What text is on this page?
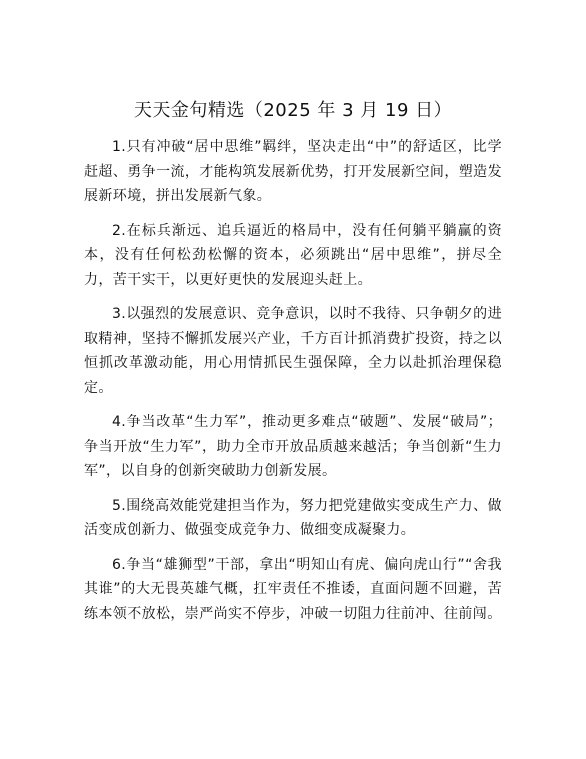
天天金句精选（2025 年 3 月 19 日）

1.只有冲破“居中思维”羁绊，坚决走出“中”的舒适区，比学赶超、勇争一流，才能构筑发展新优势，打开发展新空间，塑造发展新环境，拼出发展新气象。

2.在标兵渐远、追兵逼近的格局中，没有任何躺平躺赢的资本，没有任何松劲松懈的资本，必须跳出“居中思维”，拼尽全力，苦干实干，以更好更快的发展迎头赶上。

3.以强烈的发展意识、竞争意识，以时不我待、只争朝夕的进取精神，坚持不懈抓发展兴产业，千方百计抓消费扩投资，持之以恒抓改革激动能，用心用情抓民生强保障，全力以赴抓治理保稳定。

4.争当改革“生力军”，推动更多难点“破题”、发展“破局”；争当开放“生力军”，助力全市开放品质越来越活；争当创新“生力军”，以自身的创新突破助力创新发展。

5.围绕高效能党建担当作为，努力把党建做实变成生产力、做活变成创新力、做强变成竞争力、做细变成凝聚力。

6.争当“雄狮型”干部，拿出“明知山有虎、偏向虎山行”“舍我其谁”的大无畏英雄气概，扛牢责任不推诿，直面问题不回避，苦练本领不放松，崇严尚实不停步，冲破一切阻力往前冲、往前闯。
